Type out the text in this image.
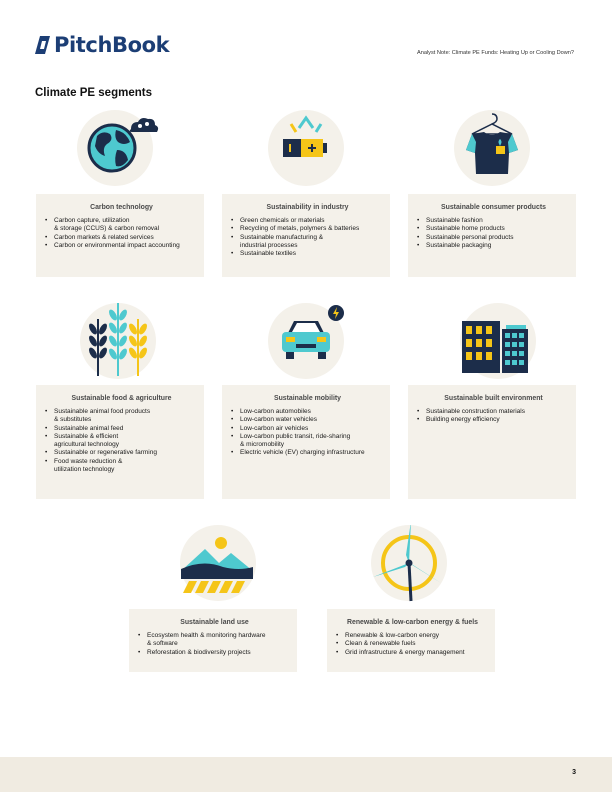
PitchBook	Analyst Note: Climate PE Funds: Heating Up or Cooling Down?
Climate PE segments
Carbon technology
• Carbon capture, utilization
& storage (CCUS) & carbon removal
• Carbon markets & related services
• Carbon or environmental impact accounting
Sustainability in industry
• Green chemicals or materials
• Recycling of metals, polymers & batteries
• Sustainable manufacturing &
industrial processes
• Sustainable textiles
Sustainable consumer products
• Sustainable fashion
• Sustainable home products
• Sustainable personal products
• Sustainable packaging
Sustainable food & agriculture
• Sustainable animal food products
& substitutes
• Sustainable animal feed
• Sustainable & efficient
agricultural technology
• Sustainable or regenerative farming
• Food waste reduction &
utilization technology
Sustainable mobility
• Low-carbon automobiles
• Low-carbon water vehicles
• Low-carbon air vehicles
• Low-carbon public transit, ride-sharing
& micromobility
• Electric vehicle (EV) charging infrastructure
Sustainable built environment
• Sustainable construction materials
• Building energy efficiency
Sustainable land use
• Ecosystem health & monitoring hardware
& software
• Reforestation & biodiversity projects
Renewable & low-carbon energy & fuels
• Renewable & low-carbon energy
• Clean & renewable fuels
• Grid infrastructure & energy management
3
